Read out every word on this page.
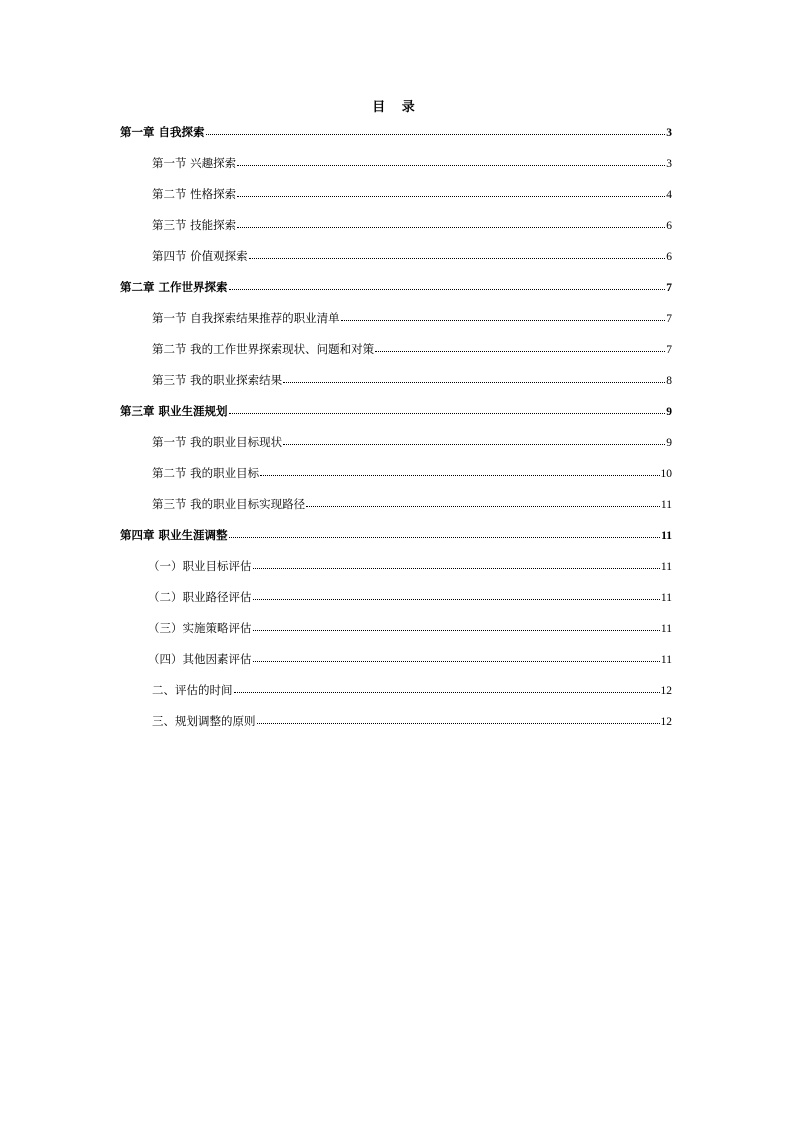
目 录
第一章 自我探索	3
第一节 兴趣探索	3
第二节 性格探索	4
第三节 技能探索	6
第四节 价值观探索	6
第二章 工作世界探索	7
第一节 自我探索结果推荐的职业清单	7
第二节 我的工作世界探索现状、问题和对策	7
第三节 我的职业探索结果	8
第三章 职业生涯规划	9
第一节 我的职业目标现状	9
第二节 我的职业目标	10
第三节 我的职业目标实现路径	11
第四章 职业生涯调整	11
（一）职业目标评估	11
（二）职业路径评估	11
（三）实施策略评估	11
（四）其他因素评估	11
二、评估的时间	12
三、规划调整的原则	12
